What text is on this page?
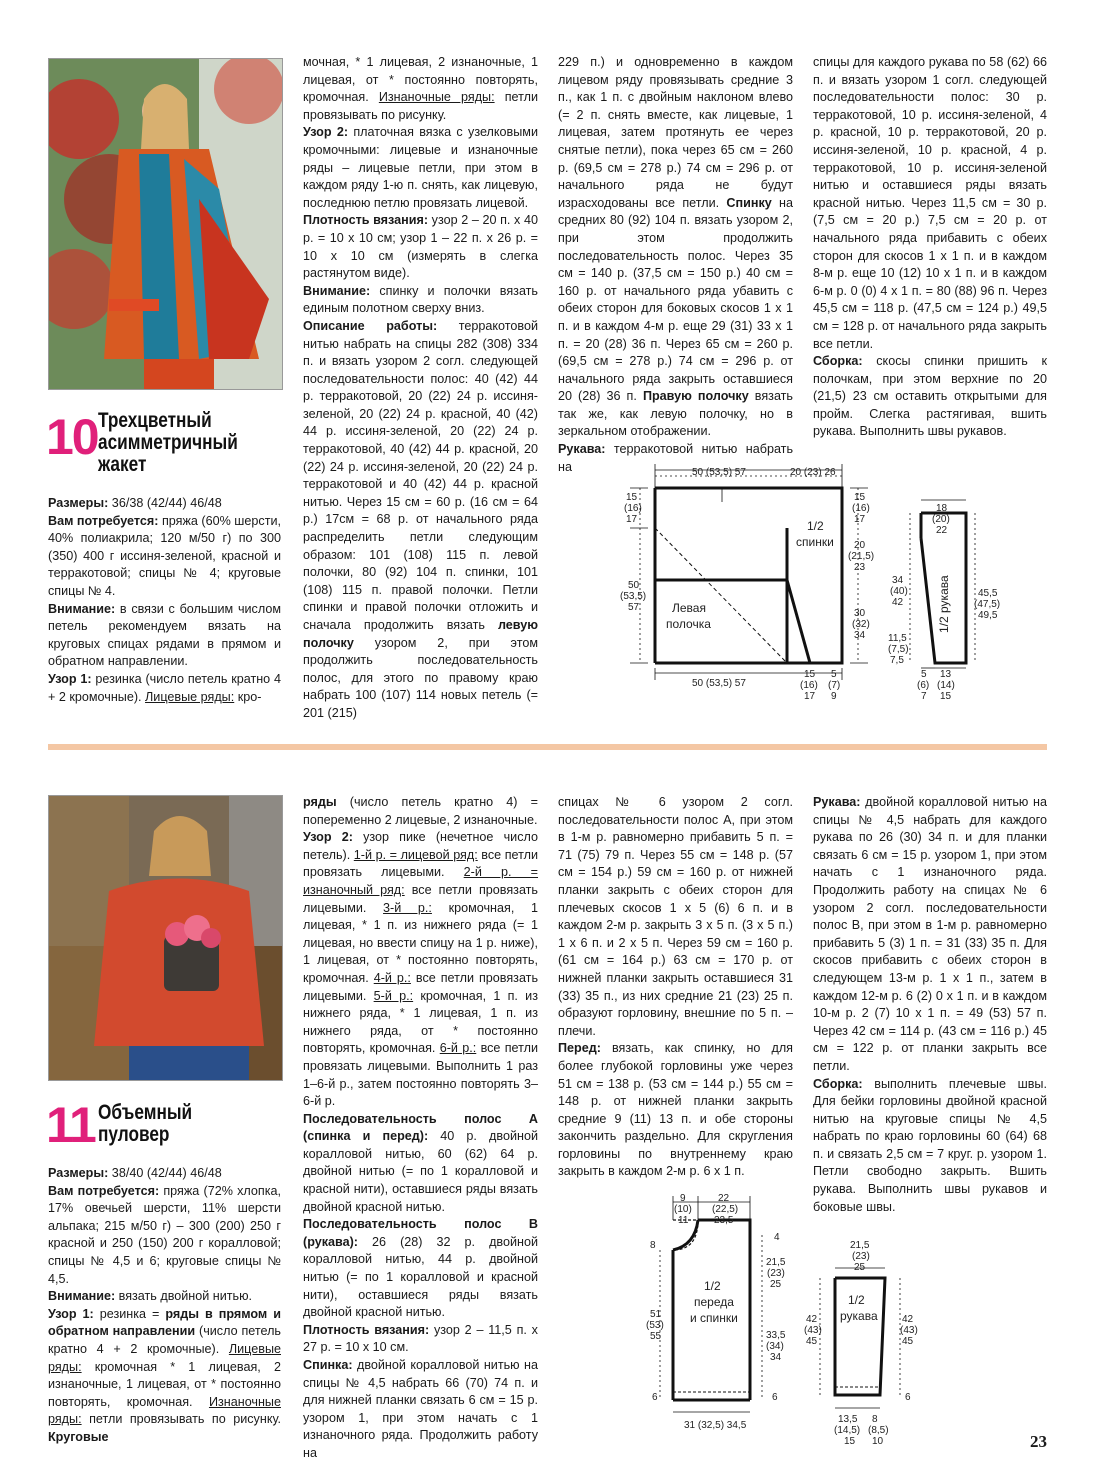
10 Трехцветный
асимметричный
жакет

Размеры: 36/38 (42/44) 46/48

Вам потребуется: пряжа (60% шерсти, 40% полиакрила; 120 м/50 г) по 300 (350) 400 г иссиня-зеленой, красной и терракотовой; спицы № 4; круговые спицы № 4.

Внимание: в связи с большим числом петель рекомендуем вязать на круговых спицах рядами в прямом и обратном направлении.

Узор 1: резинка (число петель кратно 4 + 2 кромочные). Лицевые ряды: кро-

мочная, * 1 лицевая, 2 изнаночные, 1 лицевая, от * постоянно повторять, кромочная. Изнаночные ряды: петли провязывать по рисунку.

Узор 2: платочная вязка с узелковыми кромочными: лицевые и изнаночные ряды – лицевые петли, при этом в каждом ряду 1-ю п. снять, как лицевую, последнюю петлю провязать лицевой.

Плотность вязания: узор 2 – 20 п. х 40 р. = 10 х 10 см; узор 1 – 22 п. х 26 р. = 10 х 10 см (измерять в слегка растянутом виде).

Внимание: спинку и полочки вязать единым полотном сверху вниз.

Описание работы: терракотовой нитью набрать на спицы 282 (308) 334 п. и вязать узором 2 согл. следующей последовательности полос: 40 (42) 44 р. терракотовой, 20 (22) 24 р. иссиня-зеленой, 20 (22) 24 р. красной, 40 (42) 44 р. иссиня-зеленой, 20 (22) 24 р. терракотовой, 40 (42) 44 р. красной, 20 (22) 24 р. иссиня-зеленой, 20 (22) 24 р. терракотовой и 40 (42) 44 р. красной нитью. Через 15 см = 60 р. (16 см = 64 р.) 17см = 68 р. от начального ряда распределить петли следующим образом: 101 (108) 115 п. левой полочки, 80 (92) 104 п. спинки, 101 (108) 115 п. правой полочки. Петли спинки и правой полочки отложить и сначала продолжить вязать левую полочку узором 2, при этом продолжить последовательность полос, для этого по правому краю набрать 100 (107) 114 новых петель (= 201 (215)

229 п.) и одновременно в каждом лицевом ряду провязывать средние 3 п., как 1 п. с двойным наклоном влево (= 2 п. снять вместе, как лицевые, 1 лицевая, затем протянуть ее через снятые петли), пока через 65 см = 260 р. (69,5 см = 278 р.) 74 см = 296 р. от начального ряда не будут израсходованы все петли. Спинку на средних 80 (92) 104 п. вязать узором 2, при этом продолжить последовательность полос. Через 35 см = 140 р. (37,5 см = 150 р.) 40 см = 160 р. от начального ряда убавить с обеих сторон для боковых скосов 1 х 1 п. и в каждом 4-м р. еще 29 (31) 33 х 1 п. = 20 (28) 36 п. Через 65 см = 260 р. (69,5 см = 278 р.) 74 см = 296 р. от начального ряда закрыть оставшиеся 20 (28) 36 п. Правую полочку вязать так же, как левую полочку, но в зеркальном отображении.

Рукава: терракотовой нитью набрать на

спицы для каждого рукава по 58 (62) 66 п. и вязать узором 1 согл. следующей последовательности полос: 30 р. терракотовой, 10 р. иссиня-зеленой, 4 р. красной, 10 р. терракотовой, 20 р. иссиня-зеленой, 10 р. красной, 4 р. терракотовой, 10 р. иссиня-зеленой нитью и оставшиеся ряды вязать красной нитью. Через 11,5 см = 30 р. (7,5 см = 20 р.) 7,5 см = 20 р. от начального ряда прибавить с обеих сторон для скосов 1 х 1 п. и в каждом 8-м р. еще 10 (12) 10 х 1 п. и в каждом 6-м р. 0 (0) 4 х 1 п. = 80 (88) 96 п. Через 45,5 см = 118 р. (47,5 см = 124 р.) 49,5 см = 128 р. от начального ряда закрыть все петли.

Сборка: скосы спинки пришить к полочкам, при этом верхние по 20 (21,5) 23 см оставить открытыми для пройм. Слегка растягивая, вшить рукава. Выполнить швы рукавов.

50 (53,5) 57	20 (23) 26
15
(16)
17
50
(53,5)
57
15
(16)
17
20
(21,5)
23
30
(32)
34
1/2
спинки
Левая
полочка
50 (53,5) 57
15
(16)
17
5
(7)
9
18
(20)
22
34
(40)
42
11,5
(7,5)
7,5
45,5
(47,5)
49,5
1/2 рукава
5
(6)
7
13
(14)
15
11 Объемный
пуловер

Размеры: 38/40 (42/44) 46/48

Вам потребуется: пряжа (72% хлопка, 17% овечьей шерсти, 11% шерсти альпака; 215 м/50 г) – 300 (200) 250 г красной и 250 (150) 200 г коралловой; спицы № 4,5 и 6; круговые спицы № 4,5.

Внимание: вязать двойной нитью.

Узор 1: резинка = ряды в прямом и обратном направлении (число петель кратно 4 + 2 кромочные). Лицевые ряды: кромочная * 1 лицевая, 2 изнаночные, 1 лицевая, от * постоянно повторять, кромочная. Изнаночные ряды: петли провязывать по рисунку. Круговые

ряды (число петель кратно 4) = попеременно 2 лицевые, 2 изнаночные.

Узор 2: узор пике (нечетное число петель). 1-й р. = лицевой ряд: все петли провязать лицевыми. 2-й р. = изнаночный ряд: все петли провязать лицевыми. 3-й р.: кромочная, 1 лицевая, * 1 п. из нижнего ряда (= 1 лицевая, но ввести спицу на 1 р. ниже), 1 лицевая, от * постоянно повторять, кромочная. 4-й р.: все петли провязать лицевыми. 5-й р.: кромочная, 1 п. из нижнего ряда, * 1 лицевая, 1 п. из нижнего ряда, от * постоянно повторять, кромочная. 6-й р.: все петли провязать лицевыми. Выполнить 1 раз 1–6-й р., затем постоянно повторять 3–6-й р.

Последовательность полос А (спинка и перед): 40 р. двойной коралловой нитью, 60 (62) 64 р. двойной нитью (= по 1 коралловой и красной нити), оставшиеся ряды вязать двойной красной нитью.

Последовательность полос В (рукава): 26 (28) 32 р. двойной коралловой нитью, 44 р. двойной нитью (= по 1 коралловой и красной нити), оставшиеся ряды вязать двойной красной нитью.

Плотность вязания: узор 2 – 11,5 п. х 27 р. = 10 х 10 см.

Спинка: двойной коралловой нитью на спицы № 4,5 набрать 66 (70) 74 п. и для нижней планки связать 6 см = 15 р. узором 1, при этом начать с 1 изнаночного ряда. Продолжить работу на

спицах № 6 узором 2 согл. последовательности полос А, при этом в 1-м р. равномерно прибавить 5 п. = 71 (75) 79 п. Через 55 см = 148 р. (57 см = 154 р.) 59 см = 160 р. от нижней планки закрыть с обеих сторон для плечевых скосов 1 х 5 (6) 6 п. и в каждом 2-м р. закрыть 3 х 5 п. (3 х 5 п.) 1 х 6 п. и 2 х 5 п. Через 59 см = 160 р. (61 см = 164 р.) 63 см = 170 р. от нижней планки закрыть оставшиеся 31 (33) 35 п., из них средние 21 (23) 25 п. образуют горловину, внешние по 5 п. – плечи.

Перед: вязать, как спинку, но для более глубокой горловины уже через 51 см = 138 р. (53 см = 144 р.) 55 см = 148 р. от нижней планки закрыть средние 9 (11) 13 п. и обе стороны закончить раздельно. Для скругления горловины по внутреннему краю закрыть в каждом 2-м р. 6 х 1 п.

Рукава: двойной коралловой нитью на спицы № 4,5 набрать для каждого рукава по 26 (30) 34 п. и для планки связать 6 см = 15 р. узором 1, при этом начать с 1 изнаночного ряда. Продолжить работу на спицах № 6 узором 2 согл. последовательности полос В, при этом в 1-м р. равномерно прибавить 5 (3) 1 п. = 31 (33) 35 п. Для скосов прибавить с обеих сторон в следующем 13-м р. 1 х 1 п., затем в каждом 12-м р. 6 (2) 0 х 1 п. и в каждом 10-м р. 2 (7) 10 х 1 п. = 49 (53) 57 п. Через 42 см = 114 р. (43 см = 116 р.) 45 см = 122 р. от планки закрыть все петли.

Сборка: выполнить плечевые швы. Для бейки горловины двойной красной нитью на круговые спицы № 4,5 набрать по краю горловины 60 (64) 68 п. и связать 2,5 см = 7 круг. р. узором 1. Петли свободно закрыть. Вшить рукава. Выполнить швы рукавов и боковые швы.

9
(10)
11
22
(22,5)
23,5
4
8
21,5
(23)
25
33,5
(34)
34
51
(53)
55
6	6
31 (32,5) 34,5
1/2
переда
и спинки
21,5
(23)
25
1/2
рукава
42
(43)
45
42
(43)
45
6
13,5
(14,5)
15
8
(8,5)
10	23
